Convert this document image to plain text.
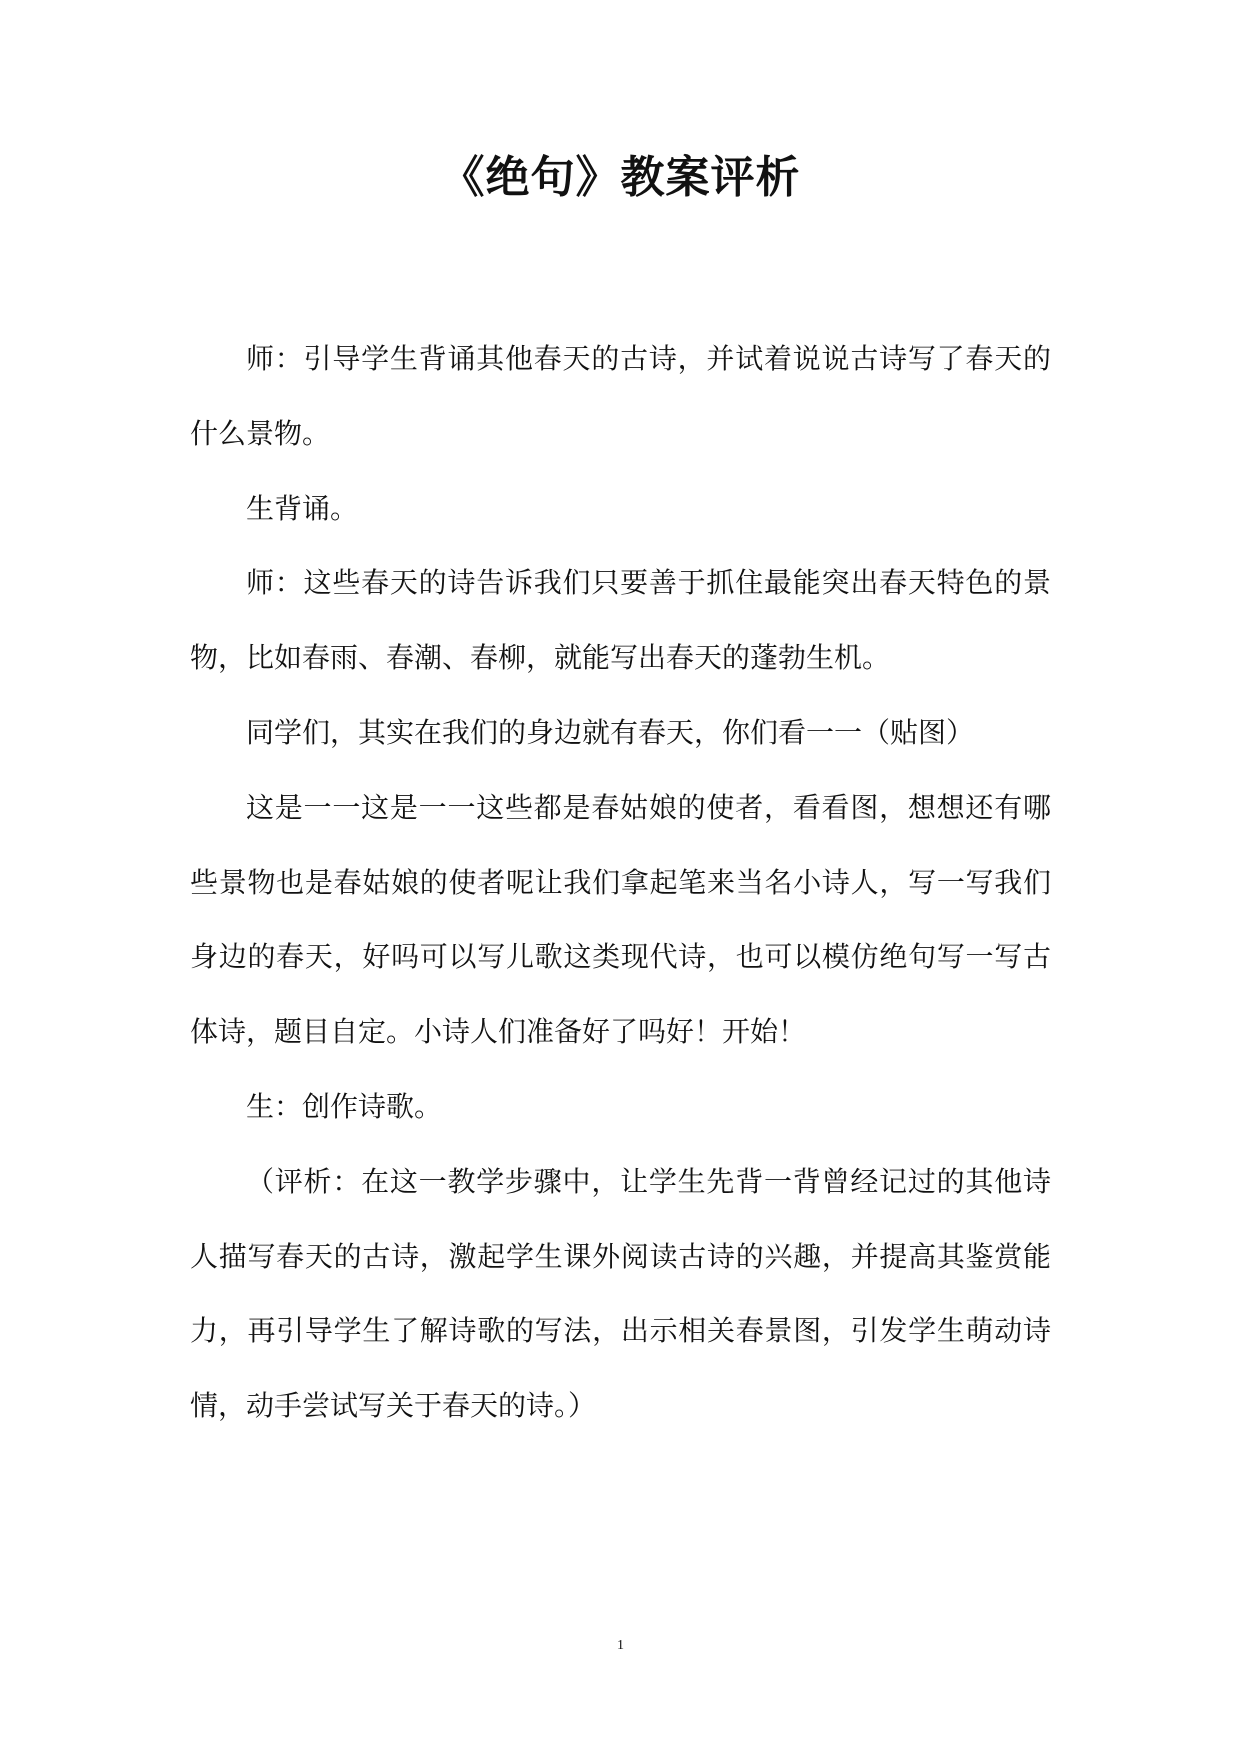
《绝句》教案评析

师：引导学生背诵其他春天的古诗，并试着说说古诗写了春天的什么景物。

生背诵。

师：这些春天的诗告诉我们只要善于抓住最能突出春天特色的景物，比如春雨、春潮、春柳，就能写出春天的蓬勃生机。

同学们，其实在我们的身边就有春天，你们看一一（贴图）

这是一一这是一一这些都是春姑娘的使者，看看图，想想还有哪些景物也是春姑娘的使者呢让我们拿起笔来当名小诗人，写一写我们身边的春天，好吗可以写儿歌这类现代诗，也可以模仿绝句写一写古体诗，题目自定。小诗人们准备好了吗好！开始！

生：创作诗歌。

（评析：在这一教学步骤中，让学生先背一背曾经记过的其他诗人描写春天的古诗，激起学生课外阅读古诗的兴趣，并提高其鉴赏能力，再引导学生了解诗歌的写法，出示相关春景图，引发学生萌动诗情，动手尝试写关于春天的诗。）

1
